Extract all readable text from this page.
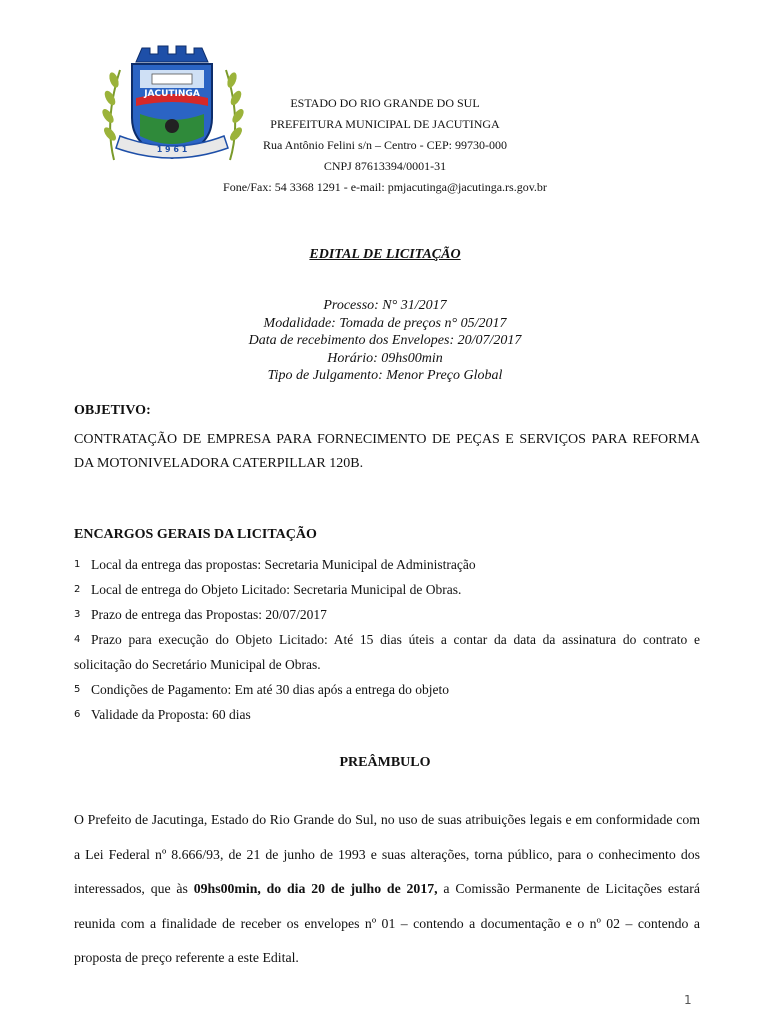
1 9 6 1
JACUTINGA
ESTADO DO RIO GRANDE DO SUL
PREFEITURA MUNICIPAL DE JACUTINGA
Rua Antônio Felini s/n – Centro - CEP: 99730-000
CNPJ 87613394/0001-31
Fone/Fax: 54 3368 1291 - e-mail: pmjacutinga@jacutinga.rs.gov.br
EDITAL DE LICITAÇÃO
Processo: N° 31/2017
Modalidade: Tomada de preços n° 05/2017
Data de recebimento dos Envelopes: 20/07/2017
Horário: 09hs00min
Tipo de Julgamento: Menor Preço Global
OBJETIVO:
CONTRATAÇÃO DE EMPRESA PARA FORNECIMENTO DE PEÇAS E SERVIÇOS PARA REFORMA DA MOTONIVELADORA CATERPILLAR 120B.
ENCARGOS GERAIS DA LICITAÇÃO
1 Local da entrega das propostas: Secretaria Municipal de Administração
2 Local de entrega do Objeto Licitado: Secretaria Municipal de Obras.
3 Prazo de entrega das Propostas: 20/07/2017
4 Prazo para execução do Objeto Licitado: Até 15 dias úteis a contar da data da assinatura do contrato e solicitação do Secretário Municipal de Obras.
5 Condições de Pagamento: Em até 30 dias após a entrega do objeto
6 Validade da Proposta: 60 dias
PREÂMBULO
O Prefeito de Jacutinga, Estado do Rio Grande do Sul, no uso de suas atribuições legais e em conformidade com a Lei Federal nº 8.666/93, de 21 de junho de 1993 e suas alterações, torna público, para o conhecimento dos interessados, que às 09hs00min, do dia 20 de julho de 2017, a Comissão Permanente de Licitações estará reunida com a finalidade de receber os envelopes nº 01 – contendo a documentação e o nº 02 – contendo a proposta de preço referente a este Edital.
1
